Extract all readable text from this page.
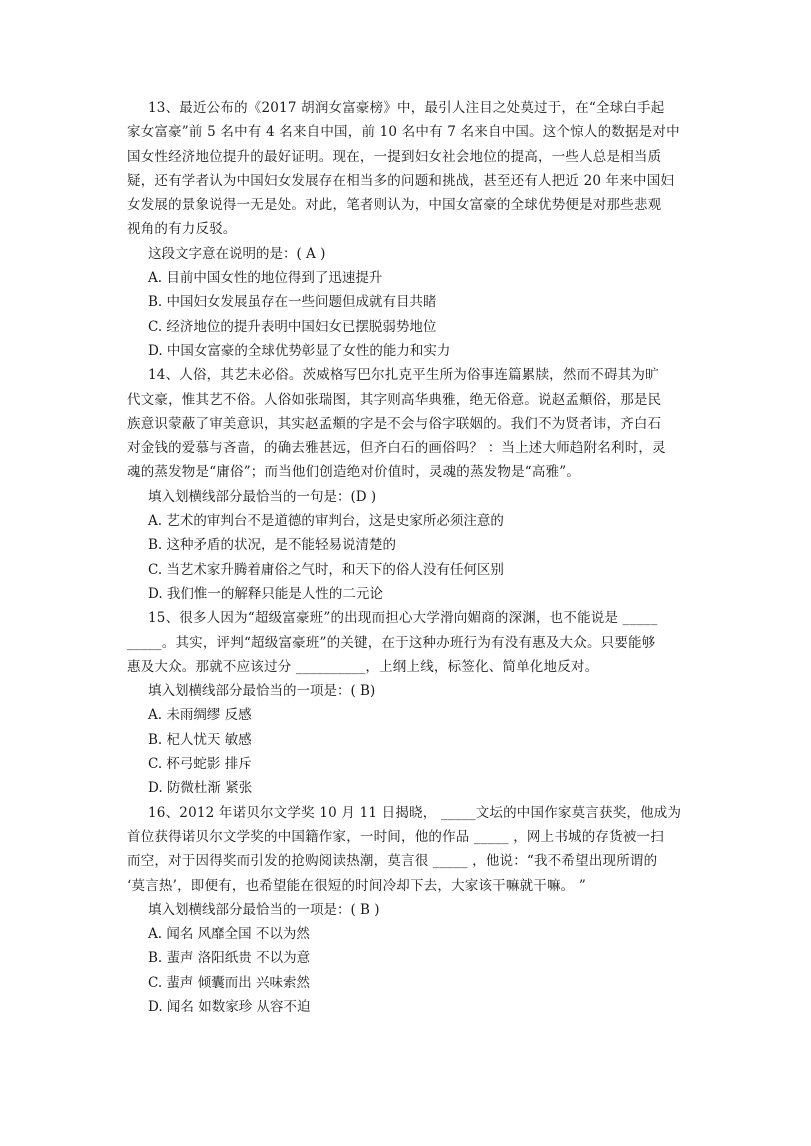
13、最近公布的《2017 胡润女富豪榜》中，最引人注目之处莫过于，在“全球白手起
家女富豪”前 5 名中有 4 名来自中国，前 10 名中有 7 名来自中国。这个惊人的数据是对中
国女性经济地位提升的最好证明。现在，一提到妇女社会地位的提高，一些人总是相当质
疑，还有学者认为中国妇女发展存在相当多的问题和挑战，甚至还有人把近 20 年来中国妇
女发展的景象说得一无是处。对此，笔者则认为，中国女富豪的全球优势便是对那些悲观
视角的有力反驳。
这段文字意在说明的是：( A )
A. 目前中国女性的地位得到了迅速提升
B. 中国妇女发展虽存在一些问题但成就有目共睹
C. 经济地位的提升表明中国妇女已摆脱弱势地位
D. 中国女富豪的全球优势彰显了女性的能力和实力
14、人俗，其艺未必俗。茨威格写巴尔扎克平生所为俗事连篇累牍，然而不碍其为旷
代文豪，惟其艺不俗。人俗如张瑞图，其字则高华典雅，绝无俗意。说赵孟頫俗，那是民
族意识蒙蔽了审美意识，其实赵孟頫的字是不会与俗字联姻的。我们不为贤者讳，齐白石
对金钱的爱慕与吝啬，的确去雅甚远，但齐白石的画俗吗？ ：当上述大师趋附名利时，灵
魂的蒸发物是“庸俗”；而当他们创造绝对价值时，灵魂的蒸发物是“高雅”。
填入划横线部分最恰当的一句是：(D )
A. 艺术的审判台不是道德的审判台，这是史家所必须注意的
B. 这种矛盾的状况，是不能轻易说清楚的
C. 当艺术家升腾着庸俗之气时，和天下的俗人没有任何区别
D. 我们惟一的解释只能是人性的二元论
15、很多人因为“超级富豪班”的出现而担心大学滑向媚商的深渊，也不能说是 _____
_____。其实，评判“超级富豪班”的关键，在于这种办班行为有没有惠及大众。只要能够
惠及大众。那就不应该过分 __________，上纲上线，标签化、简单化地反对。
填入划横线部分最恰当的一项是：( B)
A. 未雨绸缪 反感
B. 杞人忧天 敏感
C. 杯弓蛇影 排斥
D. 防微杜渐 紧张
16、2012 年诺贝尔文学奖 10 月 11 日揭晓， _____文坛的中国作家莫言获奖，他成为
首位获得诺贝尔文学奖的中国籍作家，一时间，他的作品 _____ ，网上书城的存货被一扫
而空，对于因得奖而引发的抢购阅读热潮，莫言很 _____ ，他说：“我不希望出现所谓的
‘莫言热’，即便有，也希望能在很短的时间冷却下去，大家该干嘛就干嘛。 ”
填入划横线部分最恰当的一项是：( B )
A. 闻名 风靡全国 不以为然
B. 蜚声 洛阳纸贵 不以为意
C. 蜚声 倾囊而出 兴味索然
D. 闻名 如数家珍 从容不迫
